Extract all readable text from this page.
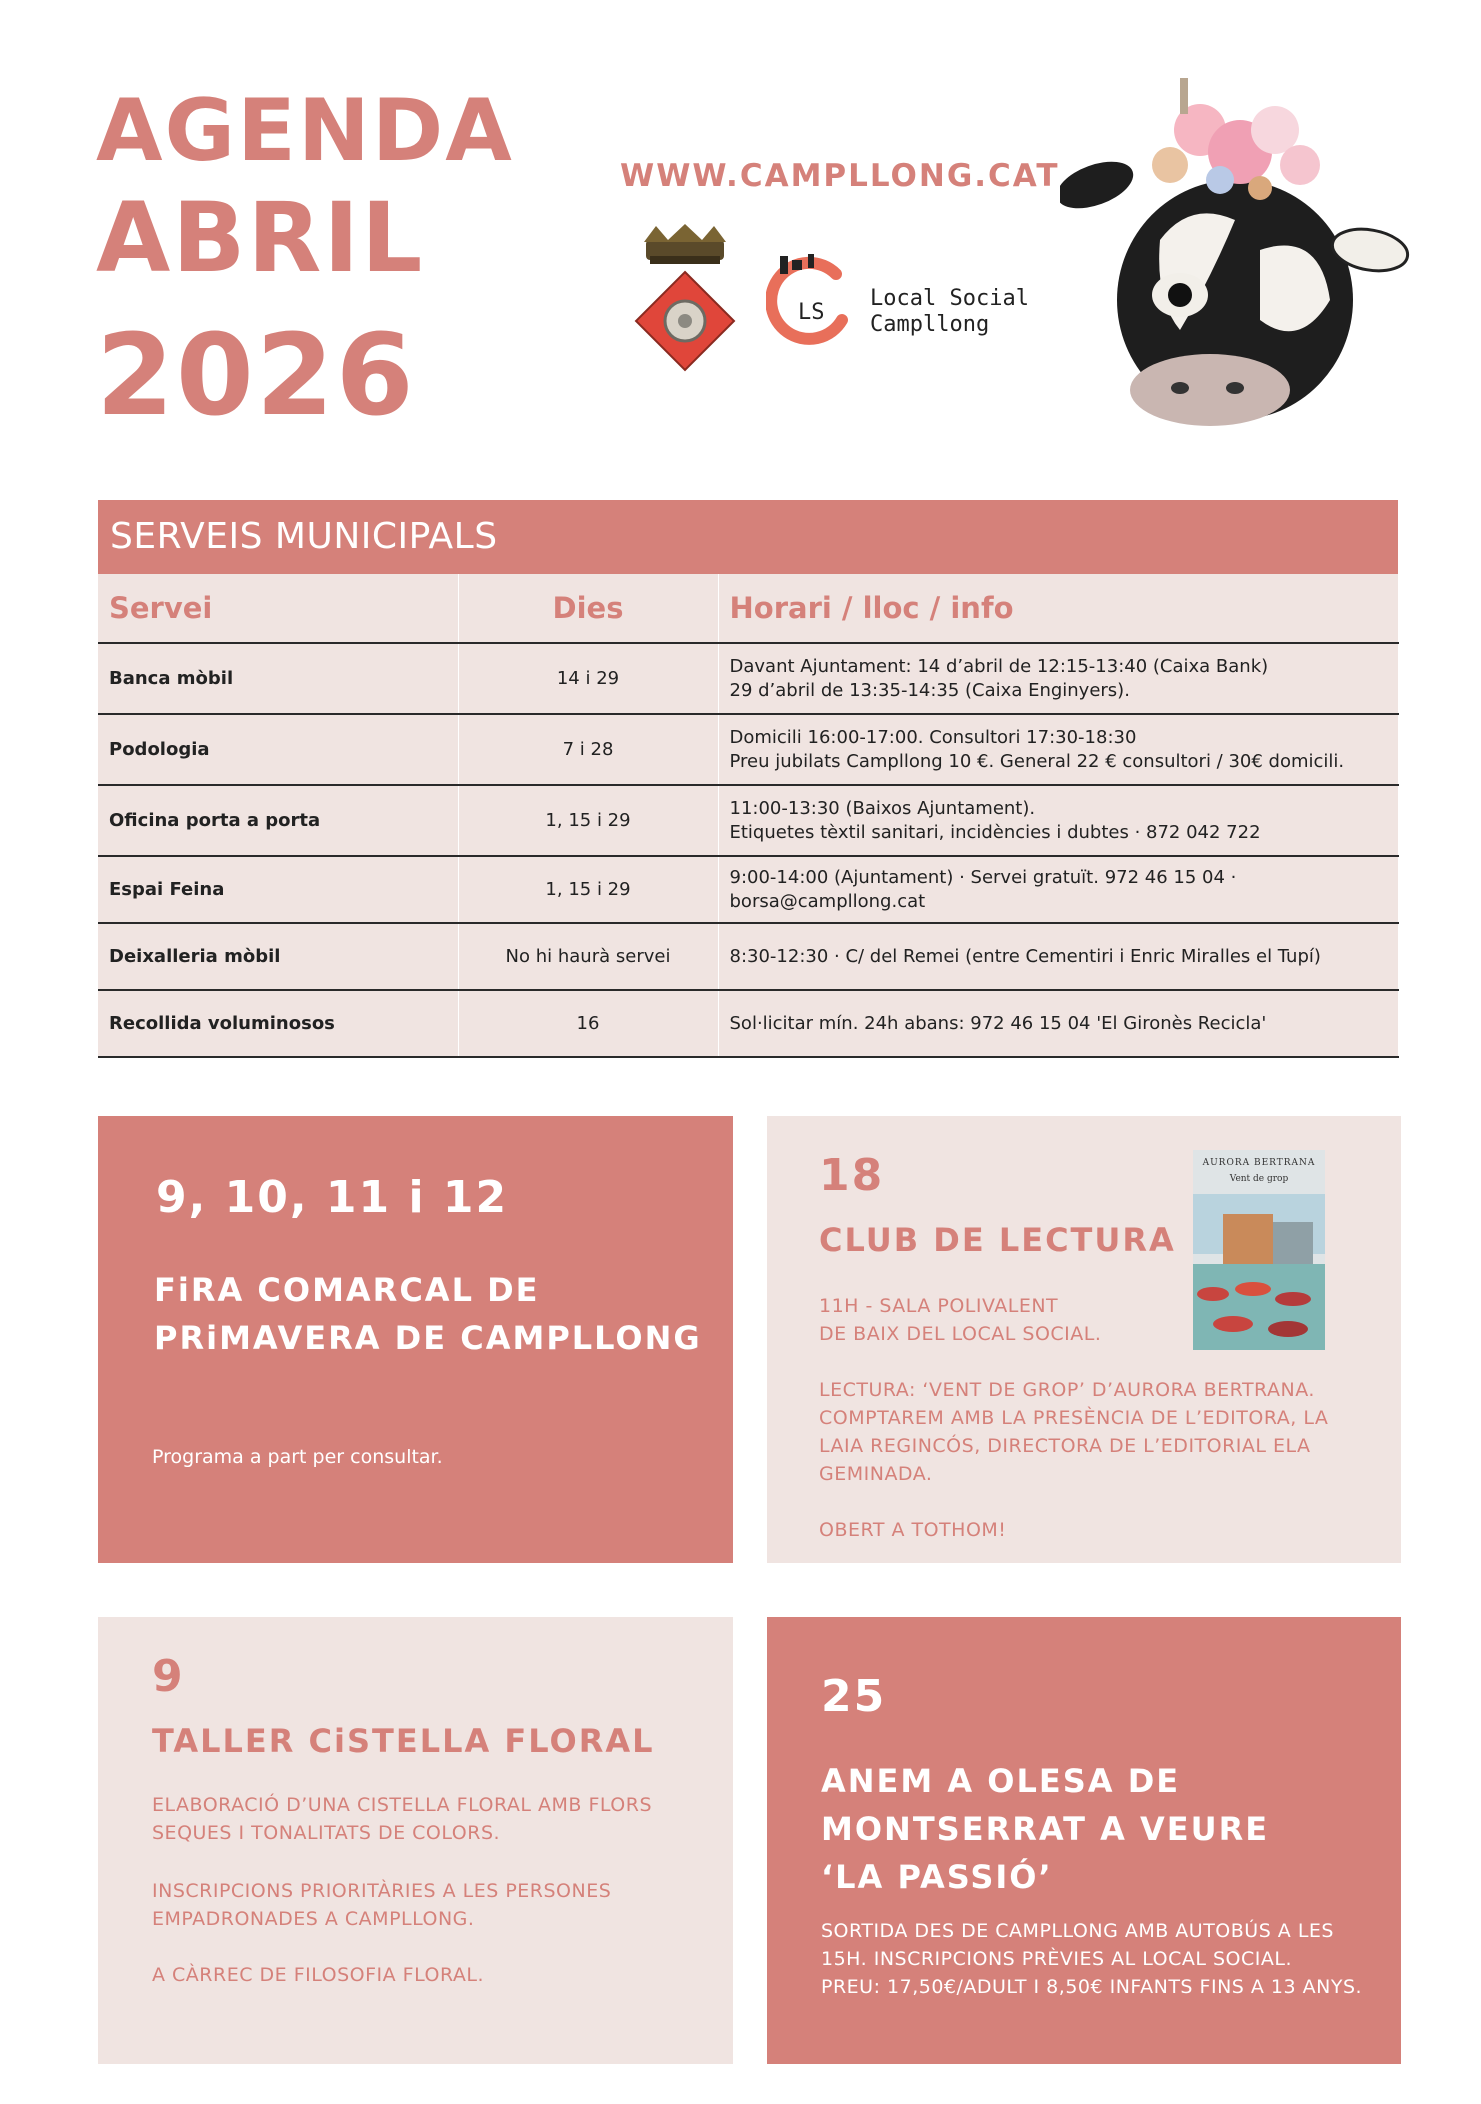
AGENDA
ABRIL
2026
WWW.CAMPLLONG.CAT
LS
Local Social
Campllong
SERVEIS MUNICIPALS
Servei	Dies	Horari / lloc / info
Banca mòbil	14 i 29	Davant Ajuntament: 14 d’abril de 12:15-13:40 (Caixa Bank)
29 d’abril de 13:35-14:35 (Caixa Enginyers).

Podologia	7 i 28	Domicili 16:00-17:00. Consultori 17:30-18:30
Preu jubilats Campllong 10 €. General 22 € consultori / 30€ domicili.

Oficina porta a porta	1, 15 i 29	11:00-13:30 (Baixos Ajuntament).
Etiquetes tèxtil sanitari, incidències i dubtes · 872 042 722

Espai Feina	1, 15 i 29	9:00-14:00 (Ajuntament) · Servei gratuït. 972 46 15 04 · borsa@campllong.cat
Deixalleria mòbil	No hi haurà servei	8:30-12:30 · C/ del Remei (entre Cementiri i Enric Miralles el Tupí)
Recollida voluminosos	16	Sol·licitar mín. 24h abans: 972 46 15 04 'El Gironès Recicla'
9, 10, 11 i 12
FiRA COMARCAL DE
PRiMAVERA DE CAMPLLONG
Programa a part per consultar.
18
CLUB DE LECTURA
11H - SALA POLIVALENT
DE BAIX DEL LOCAL SOCIAL.
LECTURA: ‘VENT DE GROP’ D’AURORA BERTRANA.
COMPTAREM AMB LA PRESÈNCIA DE L’EDITORA, LA
LAIA REGINCÓS, DIRECTORA DE L’EDITORIAL ELA
GEMINADA.
OBERT A TOTHOM!
AURORA BERTRANA
Vent de grop
9
TALLER CiSTELLA FLORAL
ELABORACIÓ D’UNA CISTELLA FLORAL AMB FLORS
SEQUES I TONALITATS DE COLORS.
INSCRIPCIONS PRIORITÀRIES A LES PERSONES
EMPADRONADES A CAMPLLONG.
A CÀRREC DE FILOSOFIA FLORAL.
25
ANEM A OLESA DE
MONTSERRAT A VEURE
‘LA PASSIÓ’
SORTIDA DES DE CAMPLLONG AMB AUTOBÚS A LES
15H. INSCRIPCIONS PRÈVIES AL LOCAL SOCIAL.
PREU: 17,50€/ADULT I 8,50€ INFANTS FINS A 13 ANYS.
